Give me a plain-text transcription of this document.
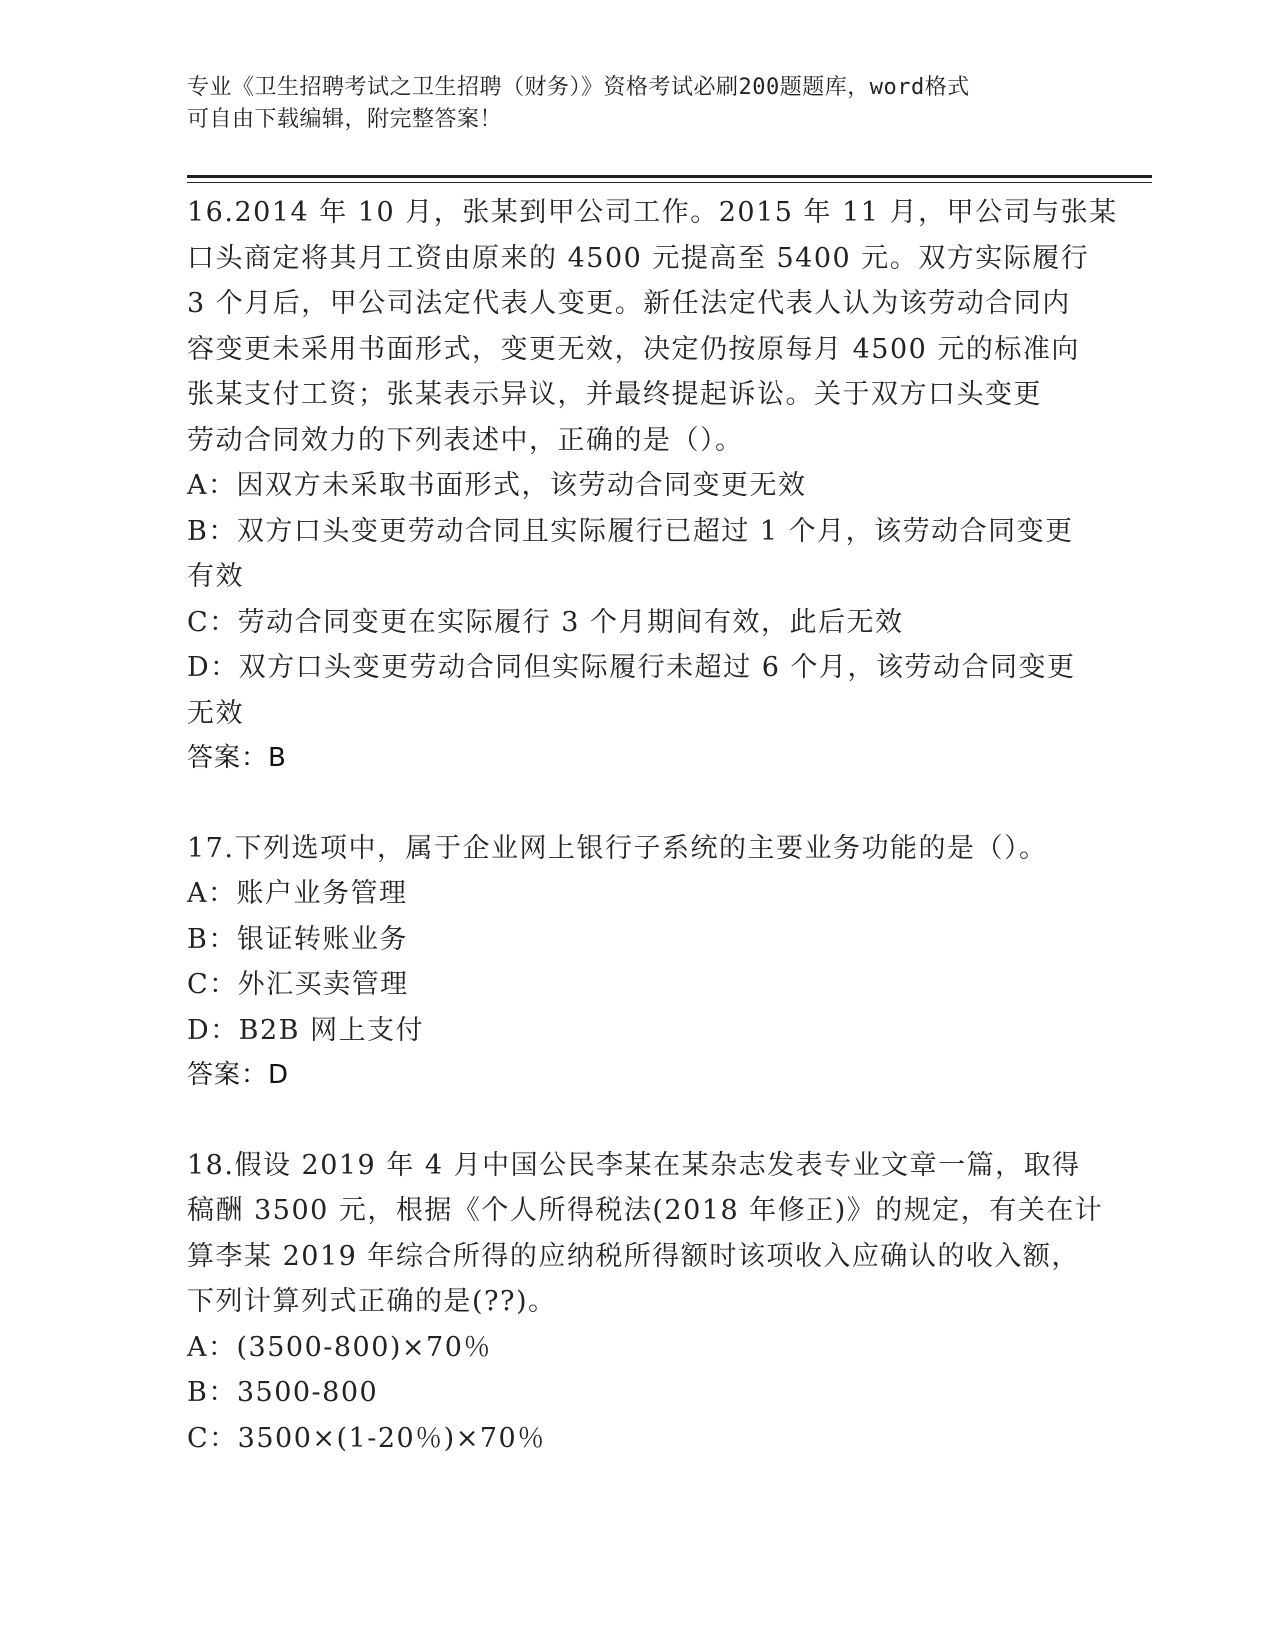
专业《卫生招聘考试之卫生招聘（财务）》资格考试必刷200题题库，word格式
可自由下载编辑，附完整答案！
16.2014 年 10 月，张某到甲公司工作。2015 年 11 月，甲公司与张某
口头商定将其月工资由原来的 4500 元提高至 5400 元。双方实际履行
3 个月后，甲公司法定代表人变更。新任法定代表人认为该劳动合同内
容变更未采用书面形式，变更无效，决定仍按原每月 4500 元的标准向
张某支付工资；张某表示异议，并最终提起诉讼。关于双方口头变更
劳动合同效力的下列表述中，正确的是（）。
A：因双方未采取书面形式，该劳动合同变更无效
B：双方口头变更劳动合同且实际履行已超过 1 个月，该劳动合同变更
有效
C：劳动合同变更在实际履行 3 个月期间有效，此后无效
D：双方口头变更劳动合同但实际履行未超过 6 个月，该劳动合同变更
无效
答案：B
17.下列选项中，属于企业网上银行子系统的主要业务功能的是（）。
A：账户业务管理
B：银证转账业务
C：外汇买卖管理
D：B2B 网上支付
答案：D
18.假设 2019 年 4 月中国公民李某在某杂志发表专业文章一篇，取得
稿酬 3500 元，根据《个人所得税法(2018 年修正)》的规定，有关在计
算李某 2019 年综合所得的应纳税所得额时该项收入应确认的收入额，
下列计算列式正确的是(??)。
A：(3500-800)×70％
B：3500-800
C：3500×(1-20％)×70％
